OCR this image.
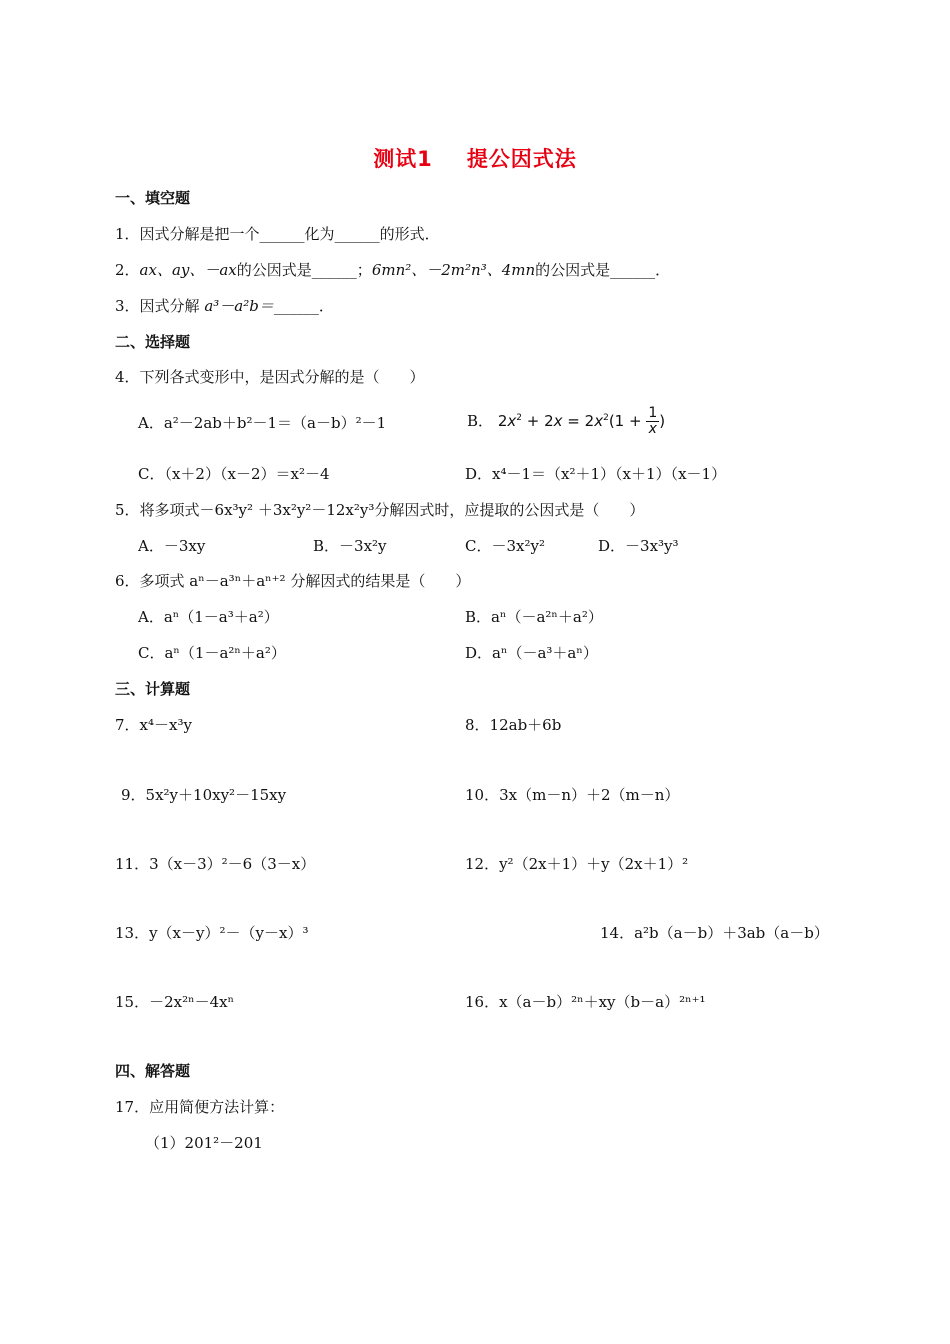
测试1 提公因式法
一、填空题
1．因式分解是把一个______化为______的形式．
2．ax、ay、－ax的公因式是______；6mn²、－2m²n³、4mn的公因式是______．
3．因式分解 a³－a²b＝______．
二、选择题
4．下列各式变形中，是因式分解的是（　　）
A．a²－2ab＋b²－1＝（a－b）²－1	B． $2x^2 + 2x = 2x^2(1 + \frac{1}{x}$ )
C．（x＋2）（x－2）＝x²－4	D．x⁴－1＝（x²＋1）（x＋1）（x－1）
5．将多项式－6x³y² ＋3x²y²－12x²y³分解因式时，应提取的公因式是（　　）
A．－3xy	B．－3x²y	C．－3x²y²	D．－3x³y³
6．多项式 aⁿ－a³ⁿ＋aⁿ⁺² 分解因式的结果是（　　）
A．aⁿ（1－a³＋a²）	B．aⁿ（－a²ⁿ＋a²）
C．aⁿ（1－a²ⁿ＋a²）	D．aⁿ（－a³＋aⁿ）
三、计算题
7．x⁴－x³y	8．12ab＋6b
9．5x²y＋10xy²－15xy	10．3x（m－n）＋2（m－n）
11．3（x－3）²－6（3－x）	12．y²（2x＋1）＋y（2x＋1）²
13．y（x－y）²－（y－x）³	14．a²b（a－b）＋3ab（a－b）
15．－2x²ⁿ－4xⁿ	16．x（a－b）²ⁿ＋xy（b－a）²ⁿ⁺¹
四、解答题
17．应用简便方法计算：
（1）201²－201
